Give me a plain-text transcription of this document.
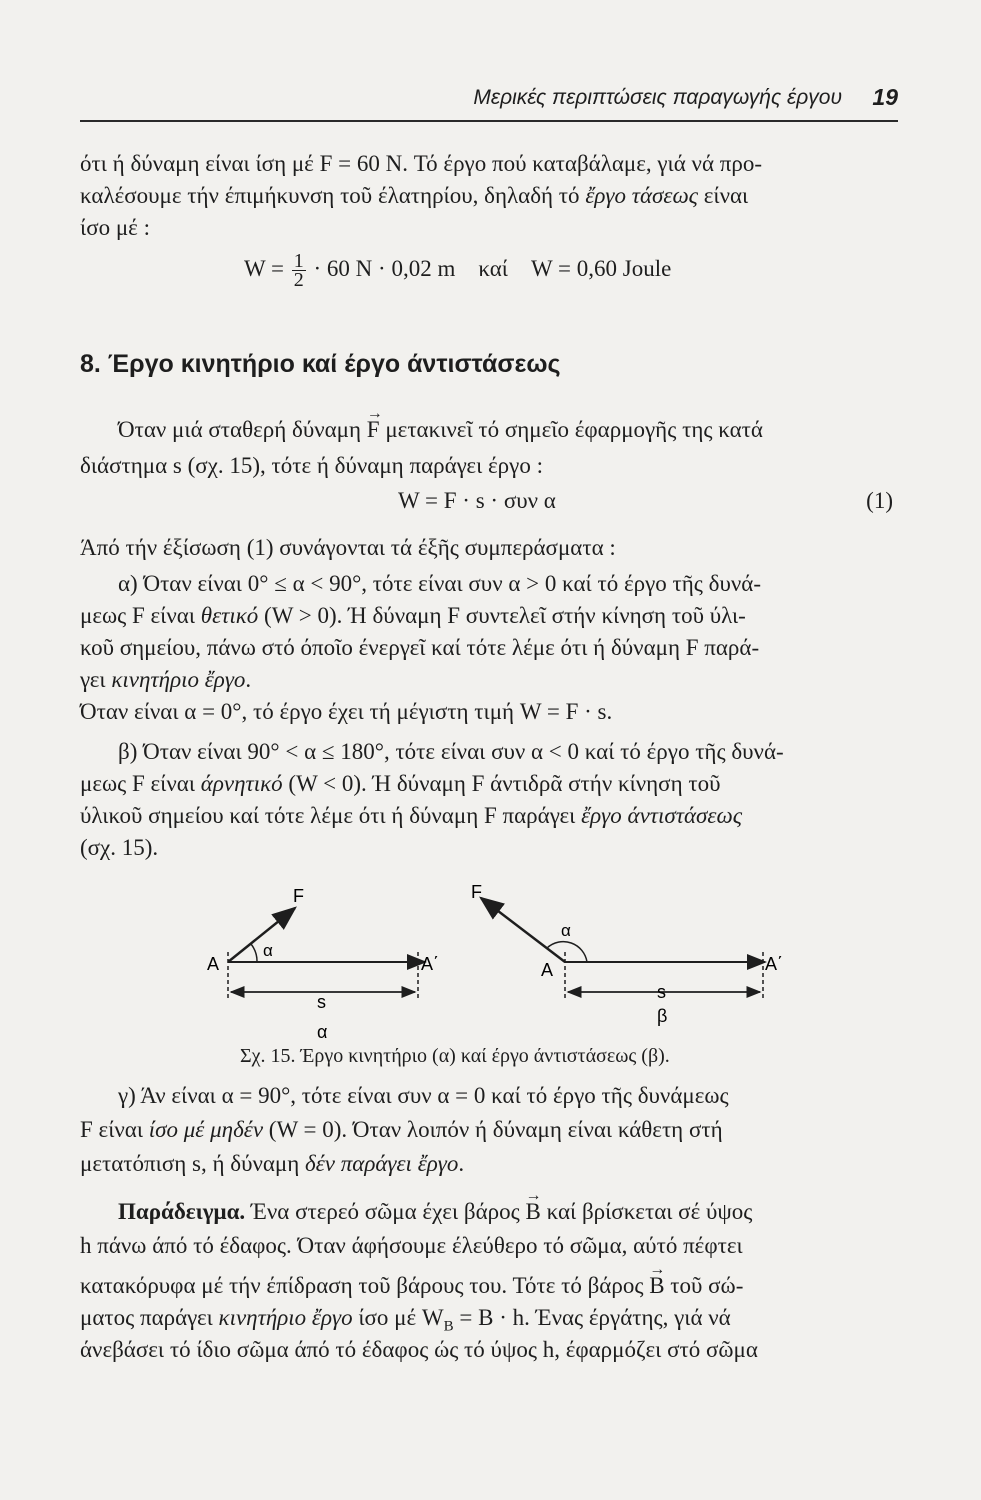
Μερικές περιπτώσεις παραγωγής έργου 19
ότι ή δύναμη είναι ίση μέ F = 60 N. Τό έργο πού καταβάλαμε, γιά νά προ-
καλέσουμε τήν έπιμήκυνση τοῦ έλατηρίου, δηλαδή τό ἔργο τάσεως είναι
ίσο μέ :
$W = \frac{1}{2} \cdot 60$ N · 0,02 m καί W = 0,60 Joule
8. Έργο κινητήριο καί έργο άντιστάσεως
Όταν μιά σταθερή δύναμη → F μετακινεῖ τό σημεῖο έφαρμογῆς της κατά
διάστημα s (σχ. 15), τότε ή δύναμη παράγει έργο :
W = F · s · συν α	(1)
Άπό τήν έξίσωση (1) συνάγονται τά έξῆς συμπεράσματα :
α) Όταν είναι 0° ≤ α < 90°, τότε είναι συν α > 0 καί τό έργο τῆς δυνά-
μεως F είναι θετικό (W > 0). Ή δύναμη F συντελεῖ στήν κίνηση τοῦ ύλι-
κοῦ σημείου, πάνω στό όποῖο ένεργεῖ καί τότε λέμε ότι ή δύναμη F παρά-
γει κινητήριο ἔργο.
Όταν είναι α = 0°, τό έργο έχει τή μέγιστη τιμή W = F · s.
β) Όταν είναι 90° < α ≤ 180°, τότε είναι συν α < 0 καί τό έργο τῆς δυνά-
μεως F είναι άρνητικό (W < 0). Ή δύναμη F άντιδρᾶ στήν κίνηση τοῦ
ύλικοῦ σημείου καί τότε λέμε ότι ή δύναμη F παράγει ἔργο άντιστάσεως
(σχ. 15).
F
α
A	A΄
s
α
F
α
A	A΄
s
β
Σχ. 15. Έργο κινητήριο (α) καί έργο άντιστάσεως (β).
γ) Άν είναι α = 90°, τότε είναι συν α = 0 καί τό έργο τῆς δυνάμεως
F είναι ίσο μέ μηδέν (W = 0). Όταν λοιπόν ή δύναμη είναι κάθετη στή
μετατόπιση s, ή δύναμη δέν παράγει ἔργο.
Παράδειγμα. Ένα στερεό σῶμα έχει βάρος → B καί βρίσκεται σέ ύψος
h πάνω άπό τό έδαφος. Όταν άφήσουμε έλεύθερο τό σῶμα, αύτό πέφτει
κατακόρυφα μέ τήν έπίδραση τοῦ βάρους του. Τότε τό βάρος → B τοῦ σώ-
ματος παράγει κινητήριο ἔργο ίσο μέ $W_B = B \cdot h$. Ένας έργάτης, γιά νά
άνεβάσει τό ίδιο σῶμα άπό τό έδαφος ώς τό ύψος h, έφαρμόζει στό σῶμα
